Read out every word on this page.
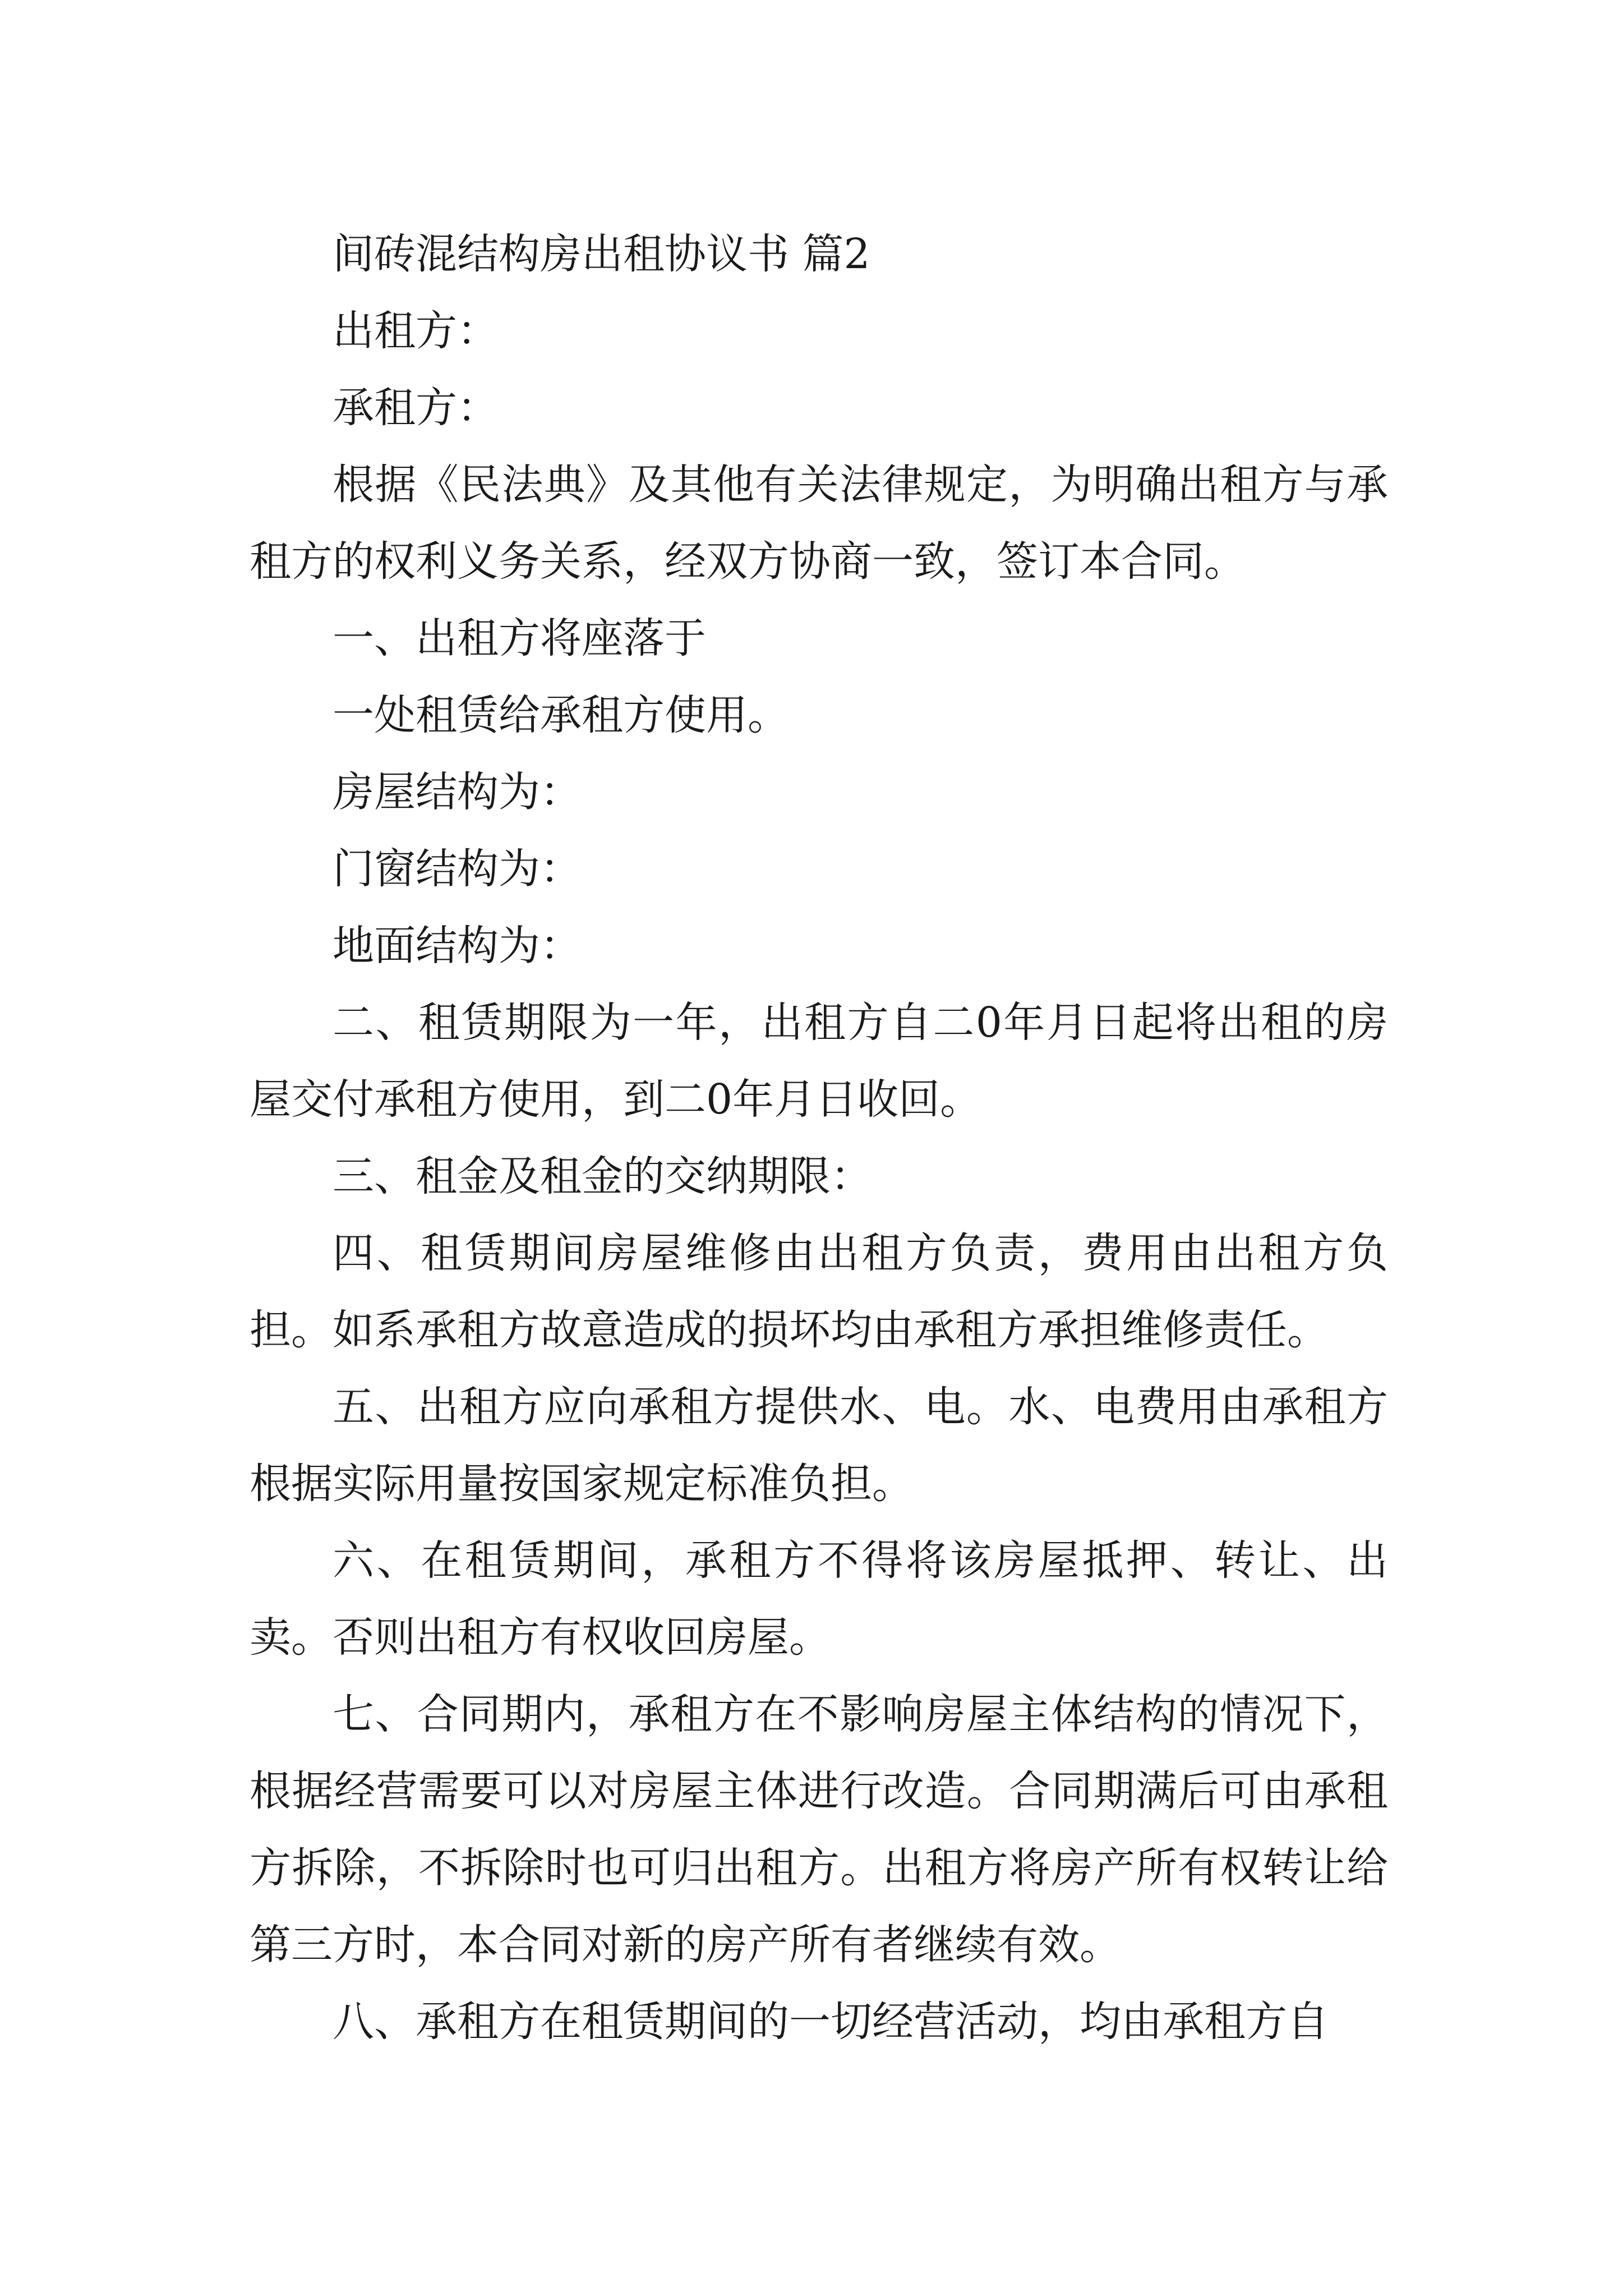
间砖混结构房出租协议书 篇2

出租方：

承租方：

根据《民法典》及其他有关法律规定，为明确出租方与承租方的权利义务关系，经双方协商一致，签订本合同。

一、出租方将座落于

一处租赁给承租方使用。

房屋结构为：

门窗结构为：

地面结构为：

二、租赁期限为一年，出租方自二0年月日起将出租的房屋交付承租方使用，到二0年月日收回。

三、租金及租金的交纳期限：

四、租赁期间房屋维修由出租方负责，费用由出租方负担。如系承租方故意造成的损坏均由承租方承担维修责任。

五、出租方应向承租方提供水、电。水、电费用由承租方根据实际用量按国家规定标准负担。

六、在租赁期间，承租方不得将该房屋抵押、转让、出卖。否则出租方有权收回房屋。

七、合同期内，承租方在不影响房屋主体结构的情况下，根据经营需要可以对房屋主体进行改造。合同期满后可由承租方拆除，不拆除时也可归出租方。出租方将房产所有权转让给第三方时，本合同对新的房产所有者继续有效。

八、承租方在租赁期间的一切经营活动，均由承租方自
